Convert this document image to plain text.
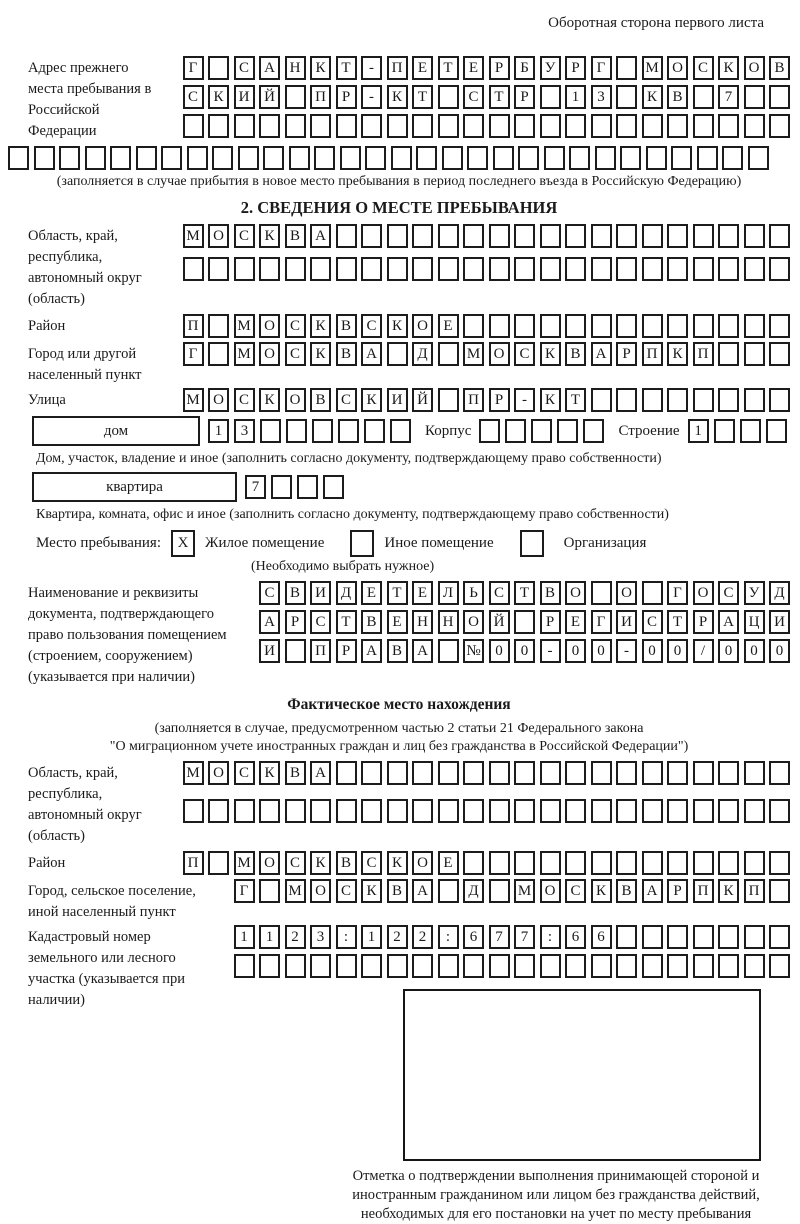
Оборотная сторона первого листа
Адрес прежнего места пребывания в Российской Федерации
Г	С	А Н	К	Т	-	П	Е	Т	Е	Р	Б	У	Р	Г	М О	С	К	О	В
С	К	И Й	П	Р	-	К	Т	С	Т	Р	1	3	К	В	7
(заполняется в случае прибытия в новое место пребывания в период последнего въезда в Российскую Федерацию)
2. СВЕДЕНИЯ О МЕСТЕ ПРЕБЫВАНИЯ
Область, край, республика, автономный округ (область)
М О	С	К	В	А
Район	П	М О	С	К	В	С	К	О	Е
Город или другой населенный пункт
Г	М О	С	К	В	А	Д	М О	С	К	В	А	Р	П	К	П
Улица	М О	С	К	О	В	С	К	И Й	П	Р	-	К	Т
дом	1	3	Корпус	Строение 1
Дом, участок, владение и иное (заполнить согласно документу, подтверждающему право собственности)
квартира	7
Квартира, комната, офис и иное (заполнить согласно документу, подтверждающему право собственности)
Место пребывания:	X	Жилое помещение	Иное помещение	Организация
(Необходимо выбрать нужное)
Наименование и реквизиты документа, подтверждающего право пользования помещением (строением, сооружением) (указывается при наличии)
С	В	И Д	Е	Т	Е	Л	Ь	С	Т	В	О	О	Г	О	С	У	Д
А	Р	С	Т	В	Е	Н Н О Й	Р	Е	Г	И	С	Т	Р	А Ц И
И	П	Р	А	В	А	№ 0	0	-	0	0	-	0	0	/	0	0	0
Фактическое место нахождения
(заполняется в случае, предусмотренном частью 2 статьи 21 Федерального закона
"О миграционном учете иностранных граждан и лиц без гражданства в Российской Федерации")
Область, край, республика, автономный округ (область)
М О	С	К	В	А
Район	П	М О	С	К	В	С	К	О	Е
Город, сельское поселение, иной населенный пункт
Г	М О	С	К	В	А	Д	М О	С	К	В	А	Р	П	К	П
Кадастровый номер земельного или лесного участка (указывается при наличии)
1	1	2	3	:	1	2	2	:	6	7	7	:	6	6
Отметка о подтверждении выполнения принимающей стороной и иностранным гражданином или лицом без гражданства действий, необходимых для его постановки на учет по месту пребывания
